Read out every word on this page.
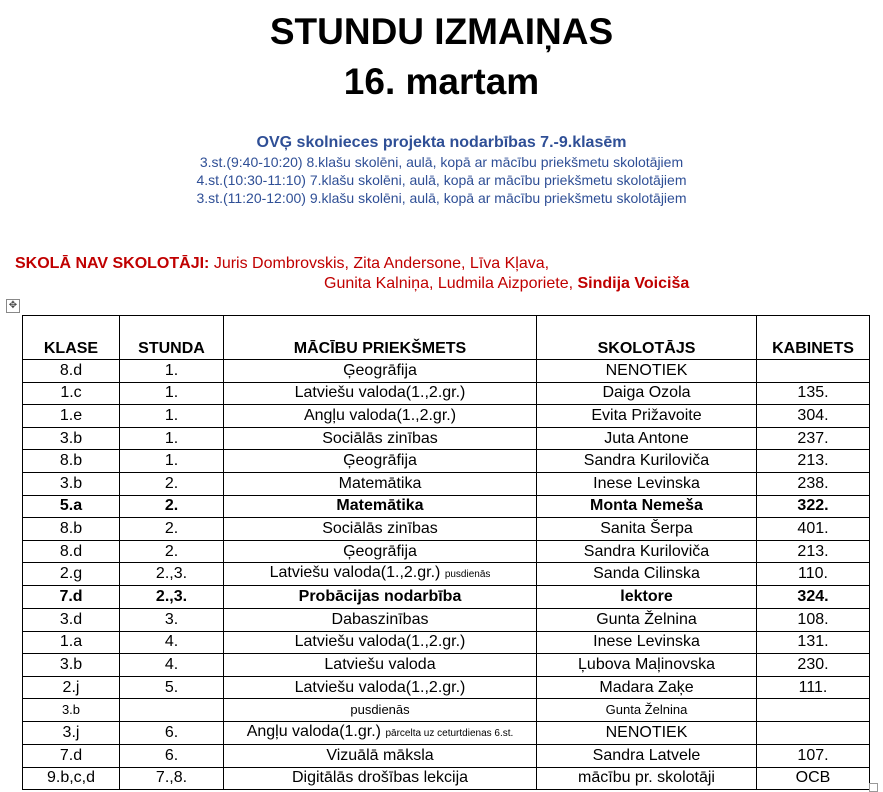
STUNDU IZMAIŅAS
16. martam
OVĢ skolnieces projekta nodarbības 7.-9.klasēm
3.st.(9:40-10:20) 8.klašu skolēni, aulā, kopā ar mācību priekšmetu skolotājiem
4.st.(10:30-11:10) 7.klašu skolēni, aulā, kopā ar mācību priekšmetu skolotājiem
3.st.(11:20-12:00) 9.klašu skolēni, aulā, kopā ar mācību priekšmetu skolotājiem
SKOLĀ NAV SKOLOTĀJI: Juris Dombrovskis, Zita Andersone, Līva Kļava,
Gunita Kalniņa, Ludmila Aizporiete, Sindija Voiciša
✥
KLASE	STUNDA	MĀCĪBU PRIEKŠMETS	SKOLOTĀJS	KABINETS
8.d	1.	Ģeogrāfija	NENOTIEK	
1.c	1.	Latviešu valoda(1.,2.gr.)	Daiga Ozola	135.
1.e	1.	Angļu valoda(1.,2.gr.)	Evita Prižavoite	304.
3.b	1.	Sociālās zinības	Juta Antone	237.
8.b	1.	Ģeogrāfija	Sandra Kuriloviča	213.
3.b	2.	Matemātika	Inese Levinska	238.
5.a	2.	Matemātika	Monta Nemeša	322.
8.b	2.	Sociālās zinības	Sanita Šerpa	401.
8.d	2.	Ģeogrāfija	Sandra Kuriloviča	213.
2.g	2.,3.	Latviešu valoda(1.,2.gr.) pusdienās	Sanda Cilinska	110.
7.d	2.,3.	Probācijas nodarbība	lektore	324.
3.d	3.	Dabaszinības	Gunta Želnina	108.
1.a	4.	Latviešu valoda(1.,2.gr.)	Inese Levinska	131.
3.b	4.	Latviešu valoda	Ļubova Maļinovska	230.
2.j	5.	Latviešu valoda(1.,2.gr.)	Madara Zaķe	111.
3.b		pusdienās	Gunta Želnina	
3.j	6.	Angļu valoda(1.gr.) pārcelta uz ceturtdienas 6.st.	NENOTIEK	
7.d	6.	Vizuālā māksla	Sandra Latvele	107.
9.b,c,d	7.,8.	Digitālās drošības lekcija	mācību pr. skolotāji	OCB
